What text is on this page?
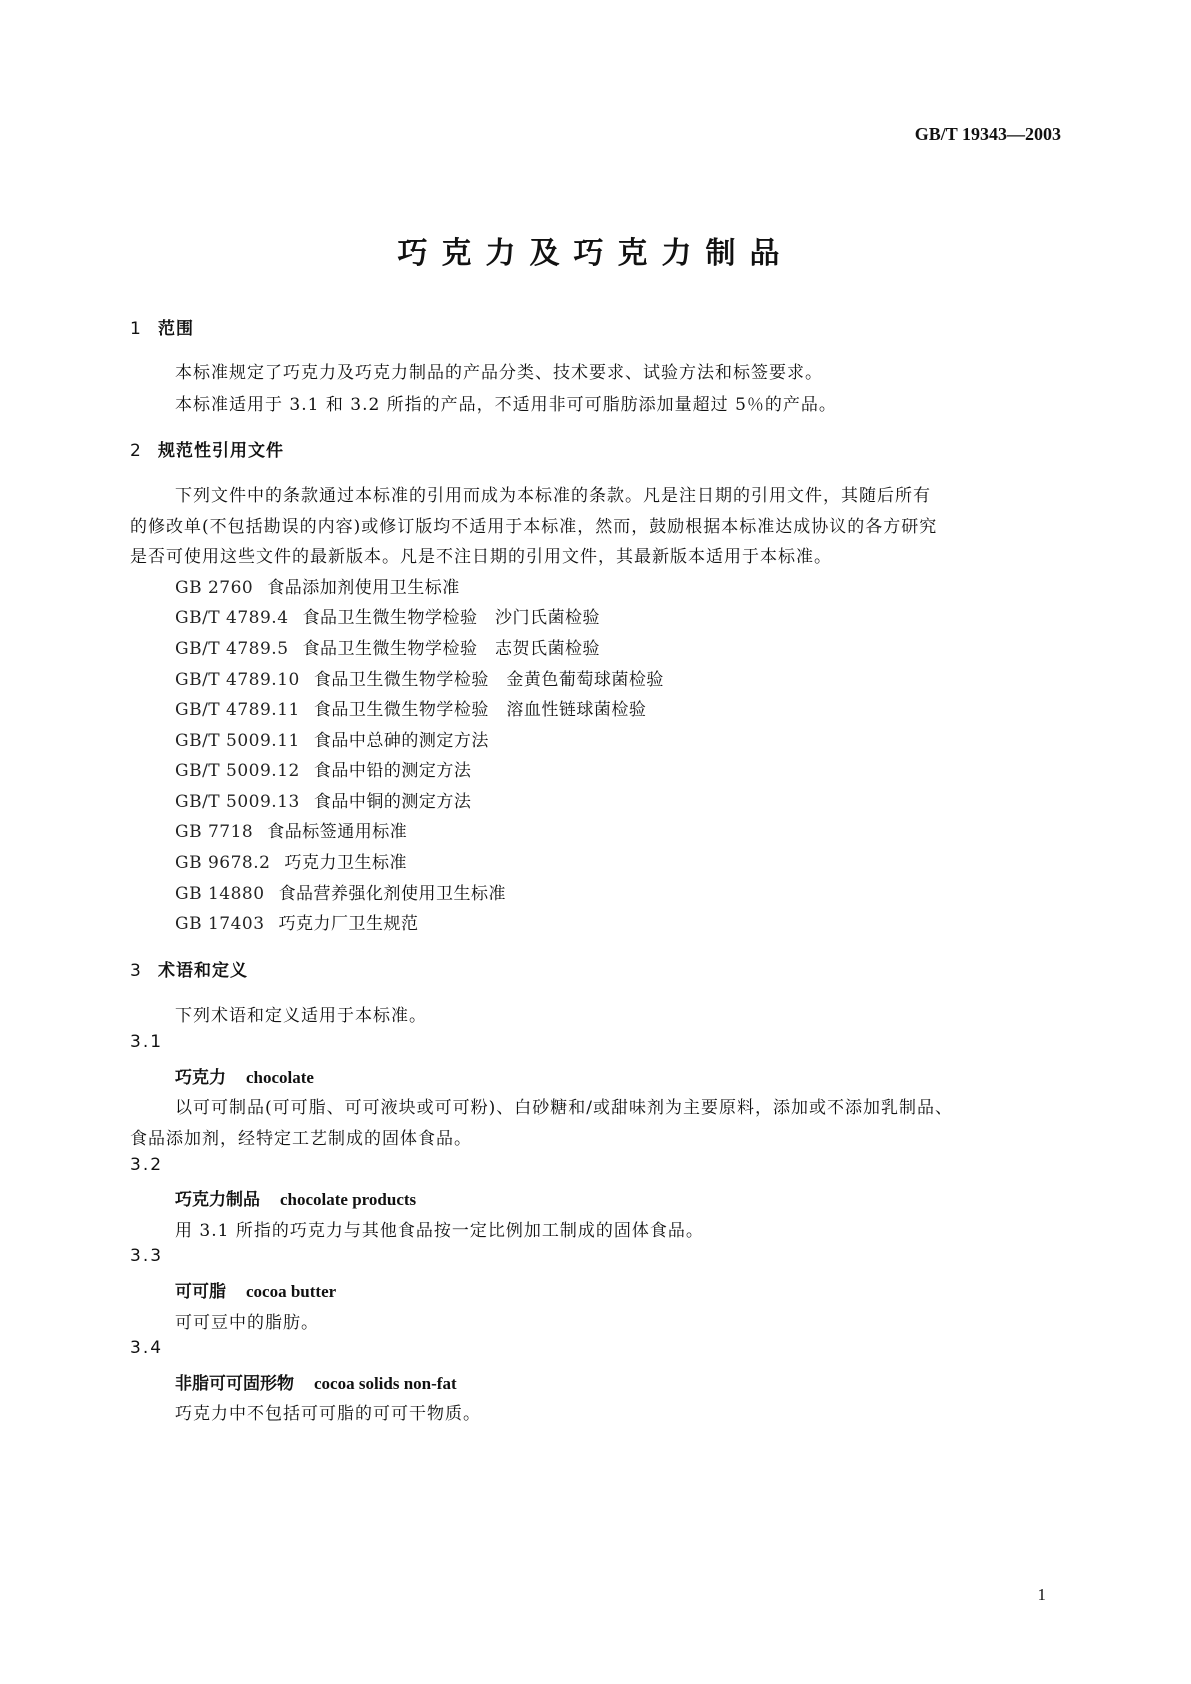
GB/T 19343—2003
巧克力及巧克力制品
1 范围
本标准规定了巧克力及巧克力制品的产品分类、技术要求、试验方法和标签要求。
本标准适用于 3.1 和 3.2 所指的产品，不适用非可可脂肪添加量超过 5％的产品。
2 规范性引用文件
下列文件中的条款通过本标准的引用而成为本标准的条款。凡是注日期的引用文件，其随后所有
的修改单(不包括勘误的内容)或修订版均不适用于本标准，然而，鼓励根据本标准达成协议的各方研究
是否可使用这些文件的最新版本。凡是不注日期的引用文件，其最新版本适用于本标准。
GB 2760 食品添加剂使用卫生标准
GB/T 4789.4 食品卫生微生物学检验　沙门氏菌检验
GB/T 4789.5 食品卫生微生物学检验　志贺氏菌检验
GB/T 4789.10 食品卫生微生物学检验　金黄色葡萄球菌检验
GB/T 4789.11 食品卫生微生物学检验　溶血性链球菌检验
GB/T 5009.11 食品中总砷的测定方法
GB/T 5009.12 食品中铅的测定方法
GB/T 5009.13 食品中铜的测定方法
GB 7718 食品标签通用标准
GB 9678.2 巧克力卫生标准
GB 14880 食品营养强化剂使用卫生标准
GB 17403 巧克力厂卫生规范
3 术语和定义
下列术语和定义适用于本标准。
3.1
巧克力 chocolate
以可可制品(可可脂、可可液块或可可粉)、白砂糖和/或甜味剂为主要原料，添加或不添加乳制品、
食品添加剂，经特定工艺制成的固体食品。
3.2
巧克力制品 chocolate products
用 3.1 所指的巧克力与其他食品按一定比例加工制成的固体食品。
3.3
可可脂 cocoa butter
可可豆中的脂肪。
3.4
非脂可可固形物 cocoa solids non-fat
巧克力中不包括可可脂的可可干物质。
1
